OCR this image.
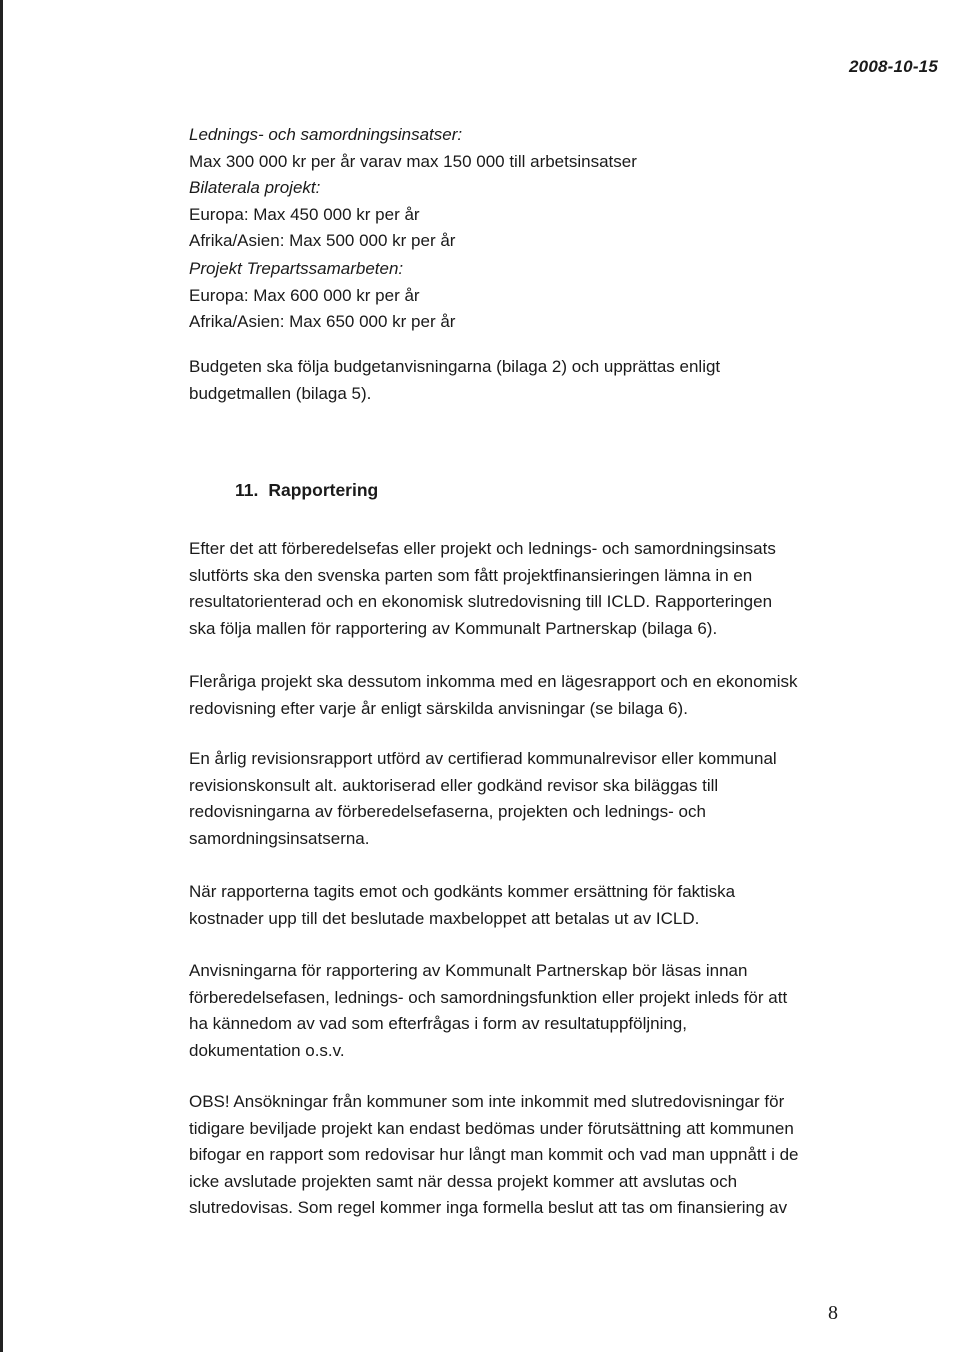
2008-10-15
Lednings- och samordningsinsatser:
Max 300 000 kr per år varav max 150 000 till arbetsinsatser
Bilaterala projekt:
Europa: Max 450 000 kr per år
Afrika/Asien: Max 500 000 kr per år
Projekt Trepartssamarbeten:
Europa: Max 600 000 kr per år
Afrika/Asien: Max 650 000 kr per år
Budgeten ska följa budgetanvisningarna (bilaga 2) och upprättas enligt
budgetmallen (bilaga 5).
11. Rapportering
Efter det att förberedelsefas eller projekt och lednings- och samordningsinsats
slutförts ska den svenska parten som fått projektfinansieringen lämna in en
resultatorienterad och en ekonomisk slutredovisning till ICLD. Rapporteringen
ska följa mallen för rapportering av Kommunalt Partnerskap (bilaga 6).
Fleråriga projekt ska dessutom inkomma med en lägesrapport och en ekonomisk
redovisning efter varje år enligt särskilda anvisningar (se bilaga 6).
En årlig revisionsrapport utförd av certifierad kommunalrevisor eller kommunal
revisionskonsult alt. auktoriserad eller godkänd revisor ska biläggas till
redovisningarna av förberedelsefaserna, projekten och lednings- och
samordningsinsatserna.
När rapporterna tagits emot och godkänts kommer ersättning för faktiska
kostnader upp till det beslutade maxbeloppet att betalas ut av ICLD.
Anvisningarna för rapportering av Kommunalt Partnerskap bör läsas innan
förberedelsefasen, lednings- och samordningsfunktion eller projekt inleds för att
ha kännedom av vad som efterfrågas i form av resultatuppföljning,
dokumentation o.s.v.
OBS! Ansökningar från kommuner som inte inkommit med slutredovisningar för
tidigare beviljade projekt kan endast bedömas under förutsättning att kommunen
bifogar en rapport som redovisar hur långt man kommit och vad man uppnått i de
icke avslutade projekten samt när dessa projekt kommer att avslutas och
slutredovisas. Som regel kommer inga formella beslut att tas om finansiering av
8
